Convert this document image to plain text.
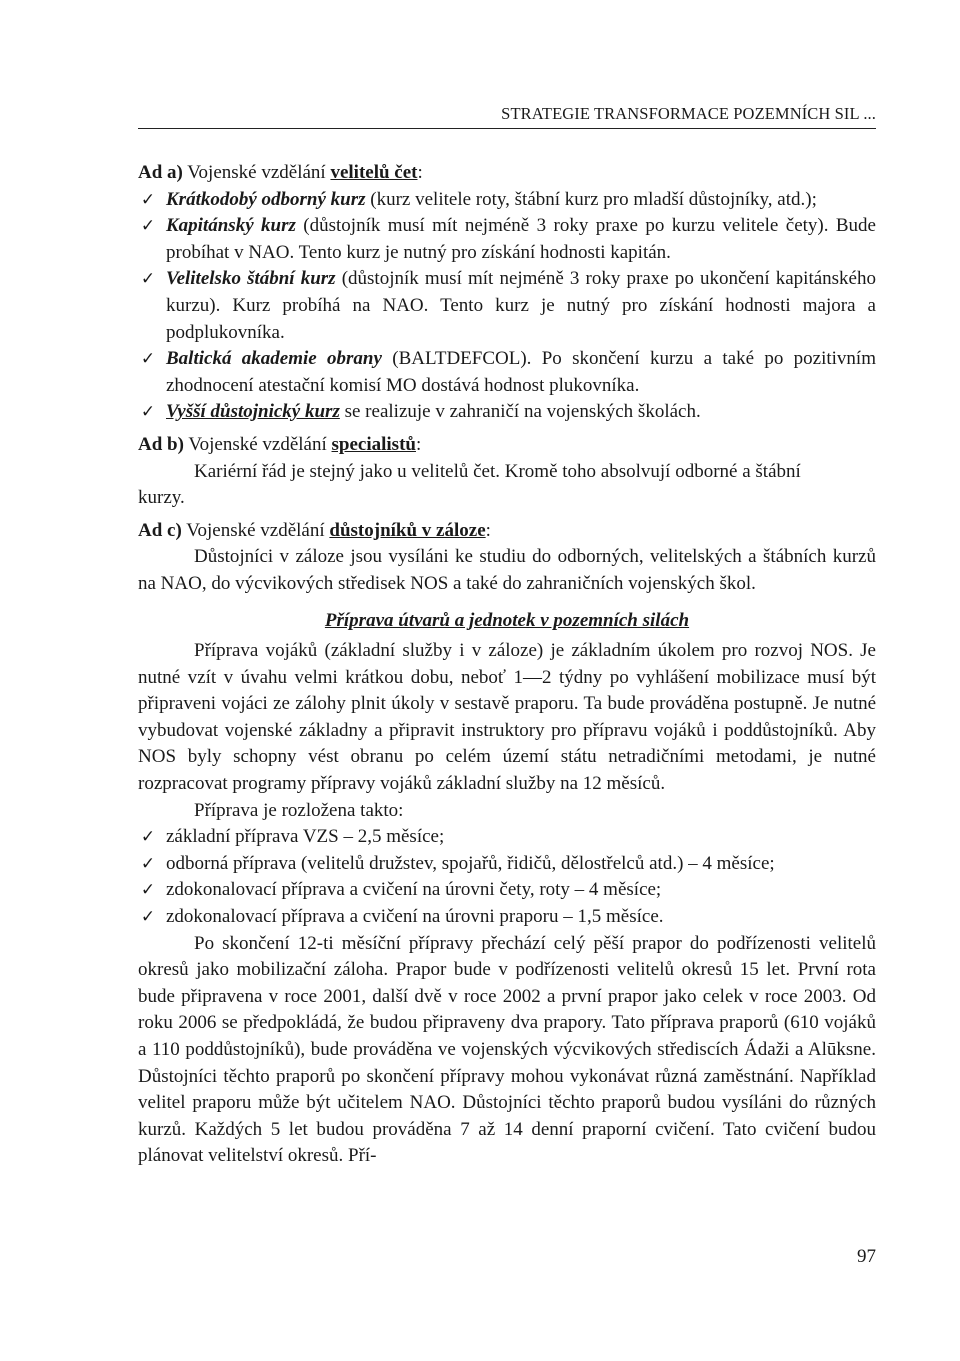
STRATEGIE TRANSFORMACE POZEMNÍCH SIL ...

Ad a) Vojenské vzdělání velitelů čet:

✓ Krátkodobý odborný kurz (kurz velitele roty, štábní kurz pro mladší důstojníky, atd.);
✓ Kapitánský kurz (důstojník musí mít nejméně 3 roky praxe po kurzu velitele čety). Bude probíhat v NAO. Tento kurz je nutný pro získání hodnosti kapitán.
✓ Velitelsko štábní kurz (důstojník musí mít nejméně 3 roky praxe po ukončení kapitánského kurzu). Kurz probíhá na NAO. Tento kurz je nutný pro získání hodnosti majora a podplukovníka.
✓ Baltická akademie obrany (BALTDEFCOL). Po skončení kurzu a také po pozitivním zhodnocení atestační komisí MO dostává hodnost plukovníka.
✓ Vyšší důstojnický kurz se realizuje v zahraničí na vojenských školách.

Ad b) Vojenské vzdělání specialistů:

Kariérní řád je stejný jako u velitelů čet. Kromě toho absolvují odborné a štábní

kurzy.

Ad c) Vojenské vzdělání důstojníků v záloze:

Důstojníci v záloze jsou vysíláni ke studiu do odborných, velitelských a štábních kurzů na NAO, do výcvikových středisek NOS a také do zahraničních vojenských škol.

Příprava útvarů a jednotek v pozemních silách

Příprava vojáků (základní služby i v záloze) je základním úkolem pro rozvoj NOS. Je nutné vzít v úvahu velmi krátkou dobu, neboť 1—2 týdny po vyhlášení mobilizace musí být připraveni vojáci ze zálohy plnit úkoly v sestavě praporu. Ta bude prováděna postupně. Je nutné vybudovat vojenské základny a připravit instruktory pro přípravu vojáků i poddůstojníků. Aby NOS byly schopny vést obranu po celém území státu netradičními metodami, je nutné rozpracovat programy přípravy vojáků základní služby na 12 měsíců.

Příprava je rozložena takto:

✓ základní příprava VZS – 2,5 měsíce;
✓ odborná příprava (velitelů družstev, spojařů, řidičů, dělostřelců atd.) – 4 měsíce;
✓ zdokonalovací příprava a cvičení na úrovni čety, roty – 4 měsíce;
✓ zdokonalovací příprava a cvičení na úrovni praporu – 1,5 měsíce.

Po skončení 12-ti měsíční přípravy přechází celý pěší prapor do podřízenosti velitelů okresů jako mobilizační záloha. Prapor bude v podřízenosti velitelů okresů 15 let. První rota bude připravena v roce 2001, další dvě v roce 2002 a první prapor jako celek v roce 2003. Od roku 2006 se předpokládá, že budou připraveny dva prapory. Tato příprava praporů (610 vojáků a 110 poddůstojníků), bude prováděna ve vojenských výcvikových střediscích Ádaži a Alūksne. Důstojníci těchto praporů po skončení přípravy mohou vykonávat různá zaměstnání. Například velitel praporu může být učitelem NAO. Důstojníci těchto praporů budou vysíláni do různých kurzů. Každých 5 let budou prováděna 7 až 14 denní praporní cvičení. Tato cvičení budou plánovat velitelství okresů. Pří-

97
